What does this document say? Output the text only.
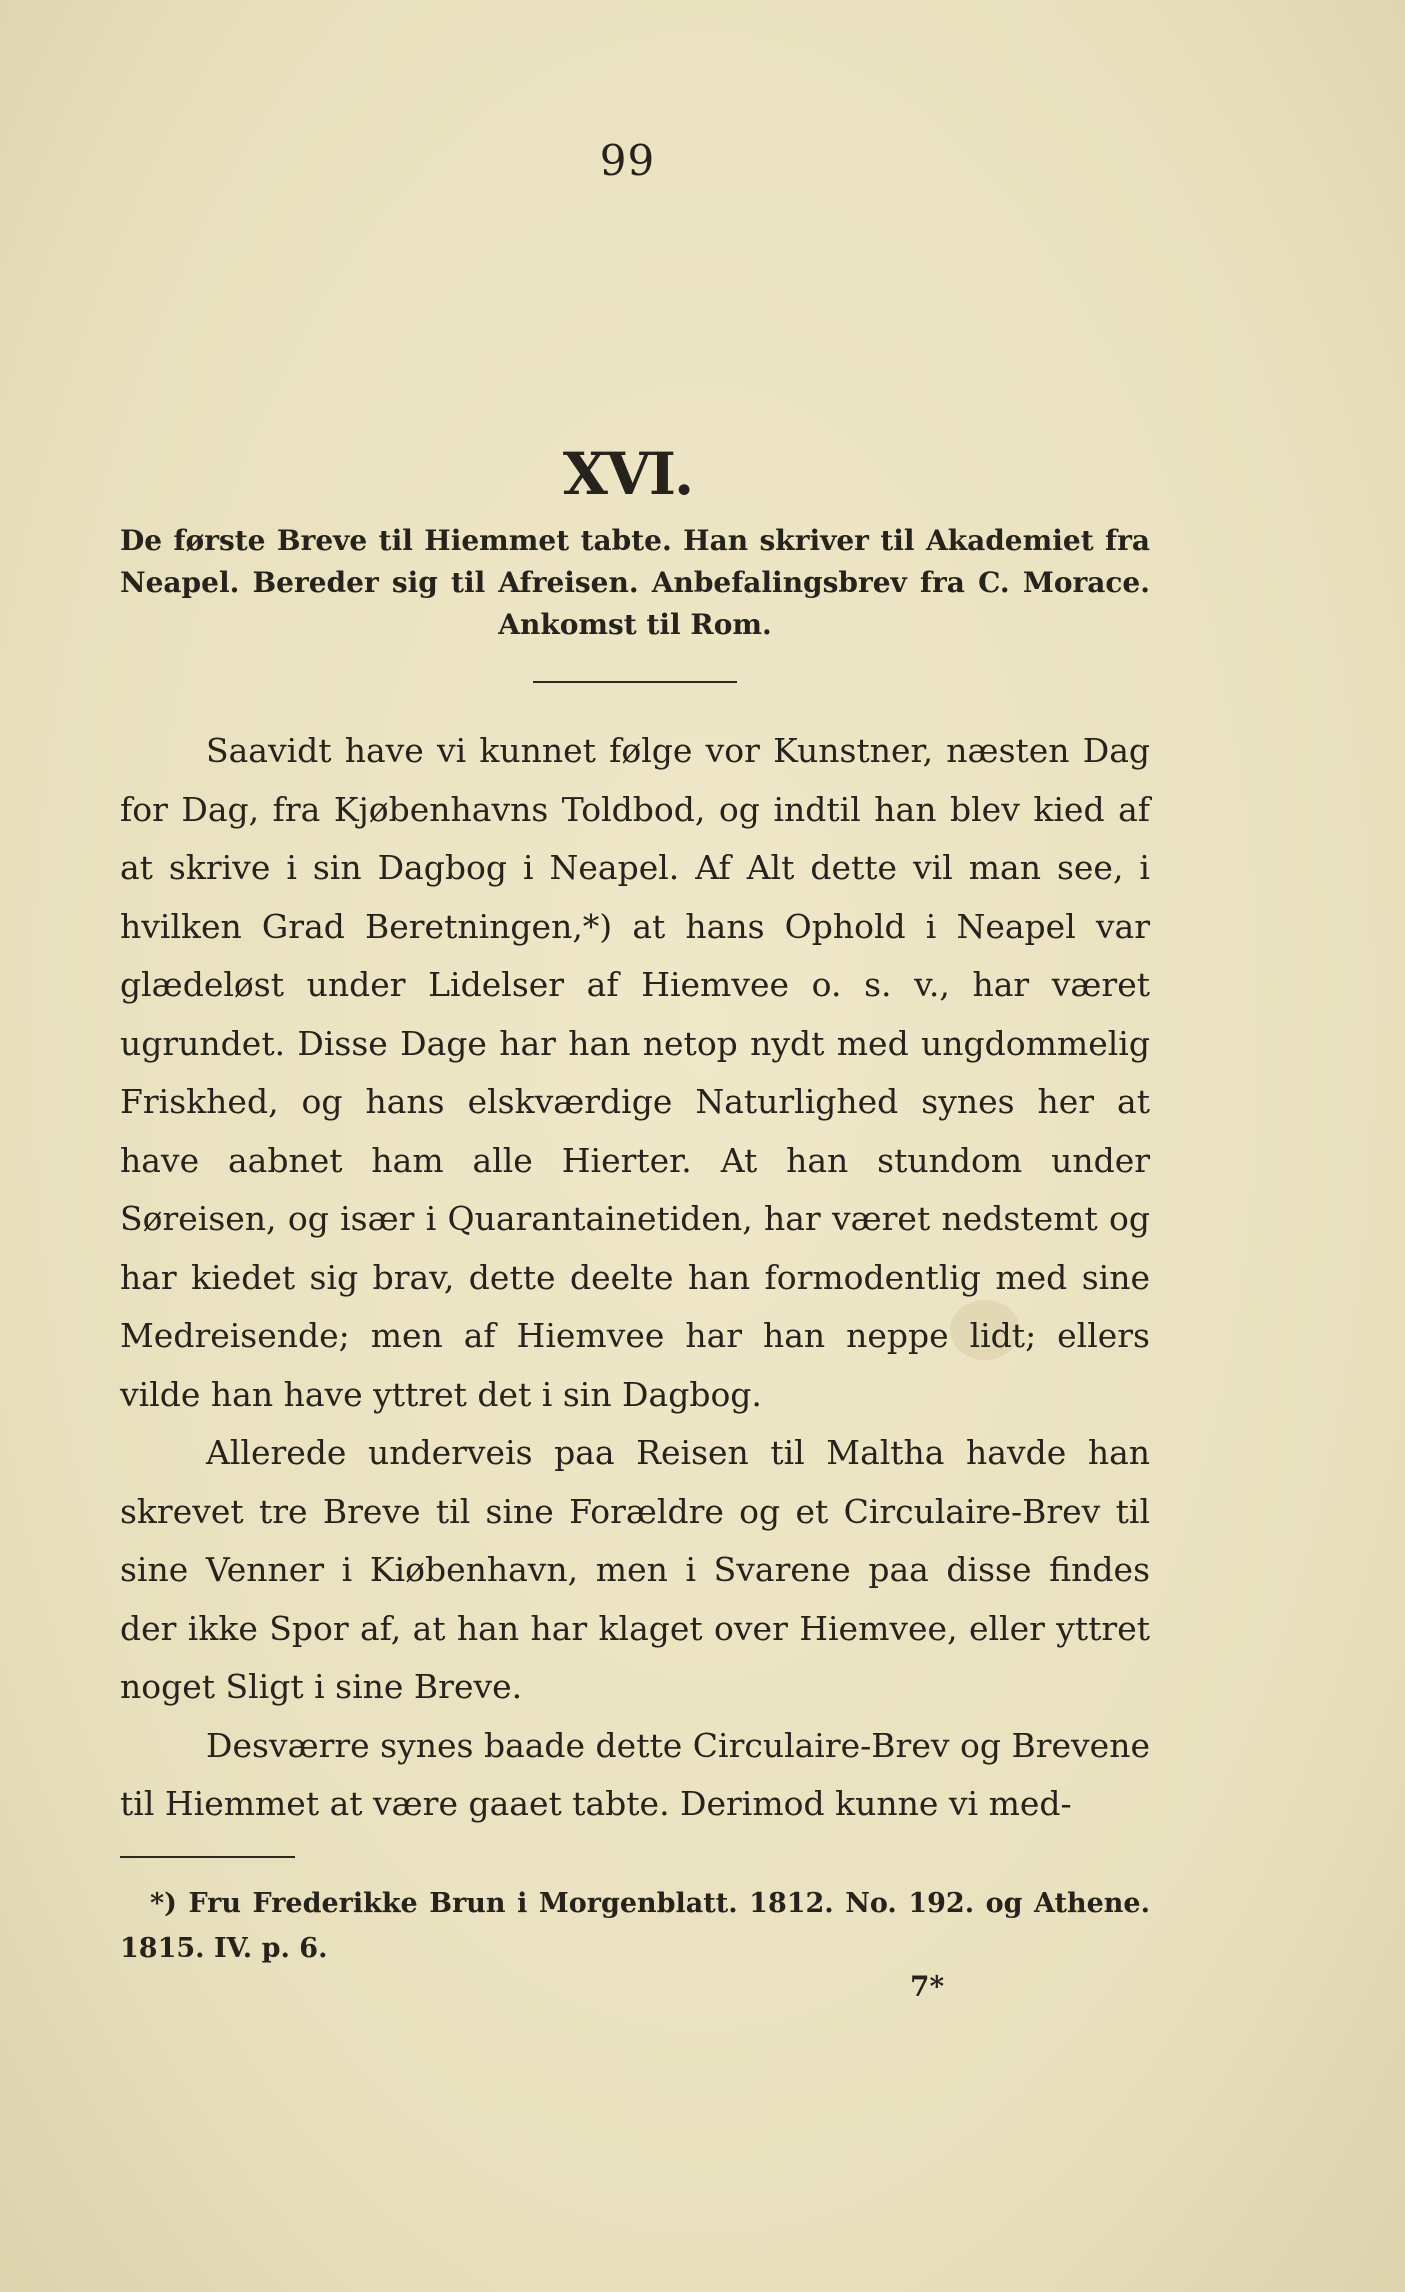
99
XVI.
De første Breve til Hiemmet tabte. Han skriver til Akademiet fra Neapel. Bereder sig til Afreisen. Anbefalingsbrev fra C. Morace. Ankomst til Rom.

Saavidt have vi kunnet følge vor Kunstner, næsten Dag for Dag, fra Kjøbenhavns Toldbod, og indtil han blev kied af at skrive i sin Dagbog i Neapel. Af Alt dette vil man see, i hvilken Grad Beretningen,*) at hans Ophold i Neapel var glædeløst under Lidelser af Hiemvee o. s. v., har været ugrundet. Disse Dage har han netop nydt med ungdommelig Friskhed, og hans elskværdige Naturlighed synes her at have aabnet ham alle Hierter. At han stundom under Søreisen, og især i Quarantainetiden, har været nedstemt og har kiedet sig brav, dette deelte han formodentlig med sine Medreisende; men af Hiemvee har han neppe lidt; ellers vilde han have yttret det i sin Dagbog.

Allerede underveis paa Reisen til Maltha havde han skrevet tre Breve til sine Forældre og et Circulaire-Brev til sine Venner i Kiøbenhavn, men i Svarene paa disse findes der ikke Spor af, at han har klaget over Hiemvee, eller yttret noget Sligt i sine Breve.

Desværre synes baade dette Circulaire-Brev og Brevene til Hiemmet at være gaaet tabte. Derimod kunne vi med-

*) Fru Frederikke Brun i Morgenblatt. 1812. No. 192. og Athene. 1815. IV. p. 6.
7*
